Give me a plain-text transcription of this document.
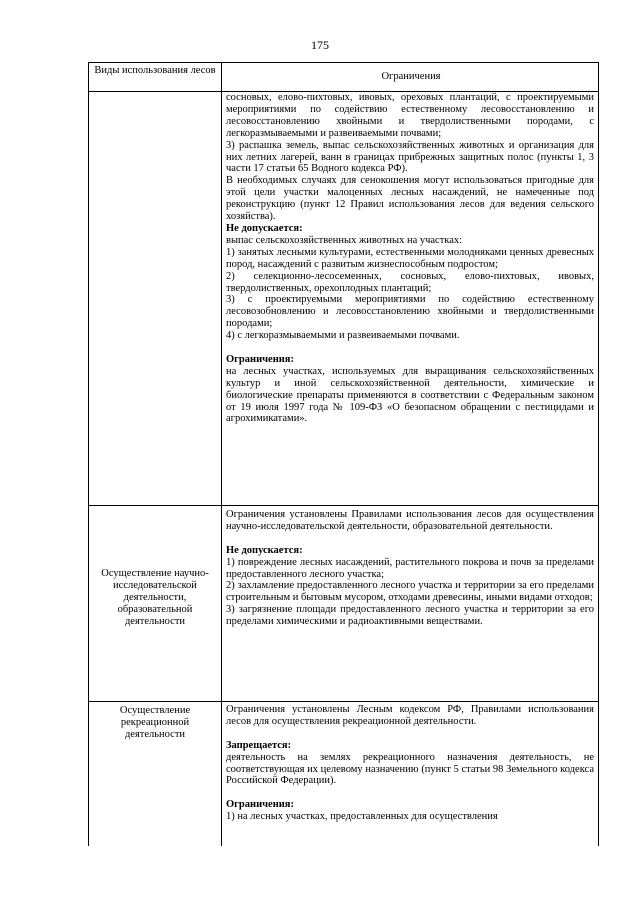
175
Виды использования лесов
Ограничения

сосновых, елово-пихтовых, ивовых, ореховых плантаций, с проектируемыми мероприятиями по содействию естественному лесовосстановлению и лесовосстановлению хвойными и твердолиственными породами, с легкоразмываемыми и развеиваемыми почвами;

3) распашка земель, выпас сельскохозяйственных животных и организация для них летних лагерей, ванн в границах прибрежных защитных полос (пункты 1, 3 части 17 статьи 65 Водного кодекса РФ).

В необходимых случаях для сенокошения могут использоваться пригодные для этой цели участки малоценных лесных насаждений, не намеченные под реконструкцию (пункт 12 Правил использования лесов для ведения сельского хозяйства).

Не допускается:

выпас сельскохозяйственных животных на участках:

1) занятых лесными культурами, естественными молодняками ценных древесных пород, насаждений с развитым жизнеспособным подростом;

2) селекционно-лесосеменных, сосновых, елово-пихтовых, ивовых, твердолиственных, орехоплодных плантаций;

3) с проектируемыми мероприятиями по содействию естественному лесовозобновлению и лесовосстановлению хвойными и твердолиственными породами;

4) с легкоразмываемыми и развеиваемыми почвами.

Ограничения:

на лесных участках, используемых для выращивания сельскохозяйственных культур и иной сельскохозяйственной деятельности, химические и биологические препараты применяются в соответствии с Федеральным законом от 19 июля 1997 года № 109-ФЗ «О безопасном обращении с пестицидами и агрохимикатами».

Осуществление научно-исследовательской деятельности, образовательной деятельности

Ограничения установлены Правилами использования лесов для осуществления научно-исследовательской деятельности, образовательной деятельности.

Не допускается:

1) повреждение лесных насаждений, растительного покрова и почв за пределами предоставленного лесного участка;

2) захламление предоставленного лесного участка и территории за его пределами строительным и бытовым мусором, отходами древесины, иными видами отходов;

3) загрязнение площади предоставленного лесного участка и территории за его пределами химическими и радиоактивными веществами.

Осуществление рекреационной деятельности

Ограничения установлены Лесным кодексом РФ, Правилами использования лесов для осуществления рекреационной деятельности.

Запрещается:

деятельность на землях рекреационного назначения деятельность, не соответствующая их целевому назначению (пункт 5 статьи 98 Земельного кодекса Российской Федерации).

Ограничения:

1) на лесных участках, предоставленных для осуществления
